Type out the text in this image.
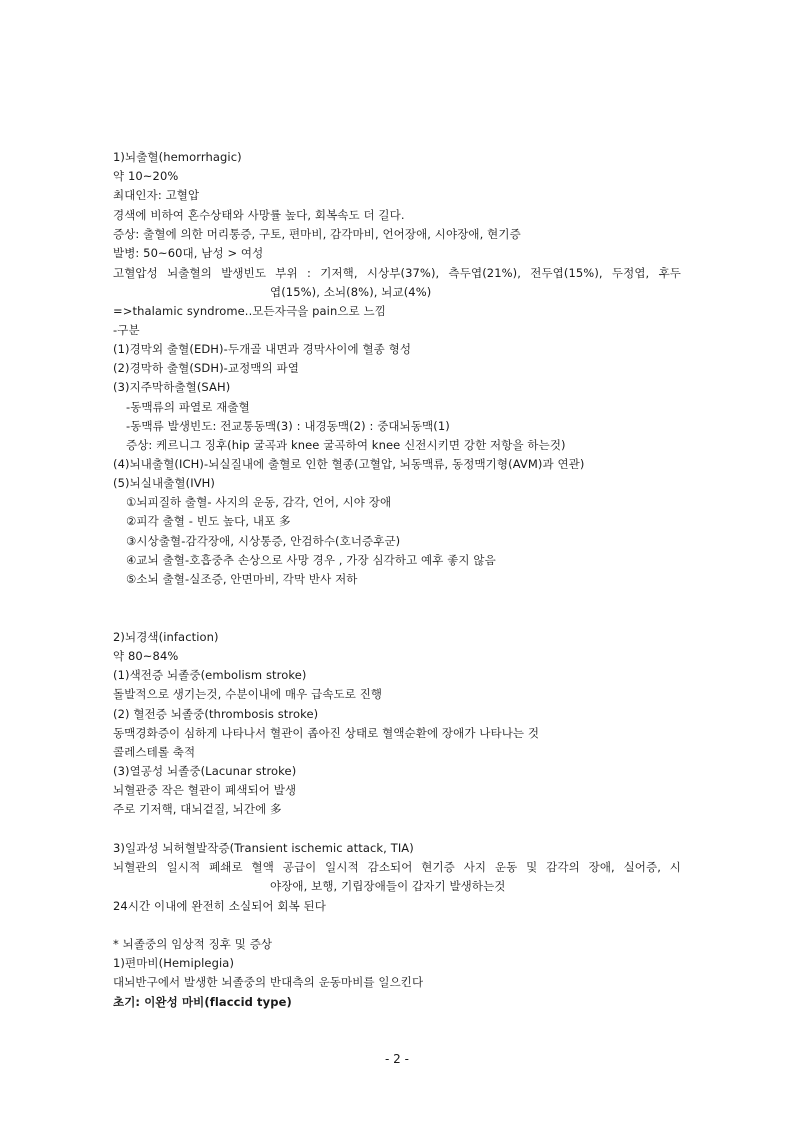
1)뇌출혈(hemorrhagic)
약 10~20%
최대인자: 고혈압
경색에 비하여 혼수상태와 사망률 높다, 회복속도 더 길다.
증상: 출혈에 의한 머리통증, 구토, 편마비, 감각마비, 언어장애, 시야장애, 현기증
발병: 50~60대, 남성 > 여성
고혈압성 뇌출혈의 발생빈도 부위 : 기저핵, 시상부(37%), 측두엽(21%), 전두엽(15%), 두정엽, 후두
엽(15%), 소뇌(8%), 뇌교(4%)
=>thalamic syndrome..모든자극을 pain으로 느낌
-구분
(1)경막외 출혈(EDH)-두개골 내면과 경막사이에 혈종 형성
(2)경막하 출혈(SDH)-교정맥의 파열
(3)지주막하출혈(SAH)
-동맥류의 파열로 재출혈
-동맥류 발생빈도: 전교통동맥(3) : 내경동맥(2) : 중대뇌동맥(1)
증상: 케르니그 징후(hip 굴곡과 knee 굴곡하여 knee 신전시키면 강한 저항을 하는것)
(4)뇌내출혈(ICH)-뇌실질내에 출혈로 인한 혈종(고혈압, 뇌동맥류, 동정맥기형(AVM)과 연관)
(5)뇌실내출혈(IVH)
①뇌피질하 출혈- 사지의 운동, 감각, 언어, 시야 장애
②피각 출혈 - 빈도 높다, 내포 多
③시상출혈-감각장애, 시상통증, 안검하수(호너증후군)
④교뇌 출혈-호흡중추 손상으로 사망 경우 , 가장 심각하고 예후 좋지 않음
⑤소뇌 출혈-실조증, 안면마비, 각막 반사 저하
2)뇌경색(infaction)
약 80~84%
(1)색전증 뇌졸중(embolism stroke)
돌발적으로 생기는것, 수분이내에 매우 급속도로 진행
(2) 혈전증 뇌졸중(thrombosis stroke)
동맥경화증이 심하게 나타나서 혈관이 좁아진 상태로 혈액순환에 장애가 나타나는 것
콜레스테롤 축적
(3)열공성 뇌졸중(Lacunar stroke)
뇌혈관중 작은 혈관이 폐색되어 발생
주로 기저핵, 대뇌겉질, 뇌간에 多
3)일과성 뇌허혈발작증(Transient ischemic attack, TIA)
뇌혈관의 일시적 폐쇄로 혈액 공급이 일시적 감소되어 현기증 사지 운동 및 감각의 장애, 실어증, 시
야장애, 보행, 기립장애들이 갑자기 발생하는것
24시간 이내에 완전히 소실되어 회복 된다
* 뇌졸중의 임상적 징후 및 증상
1)편마비(Hemiplegia)
대뇌반구에서 발생한 뇌졸중의 반대측의 운동마비를 일으킨다
초기: 이완성 마비(flaccid type)
- 2 -
